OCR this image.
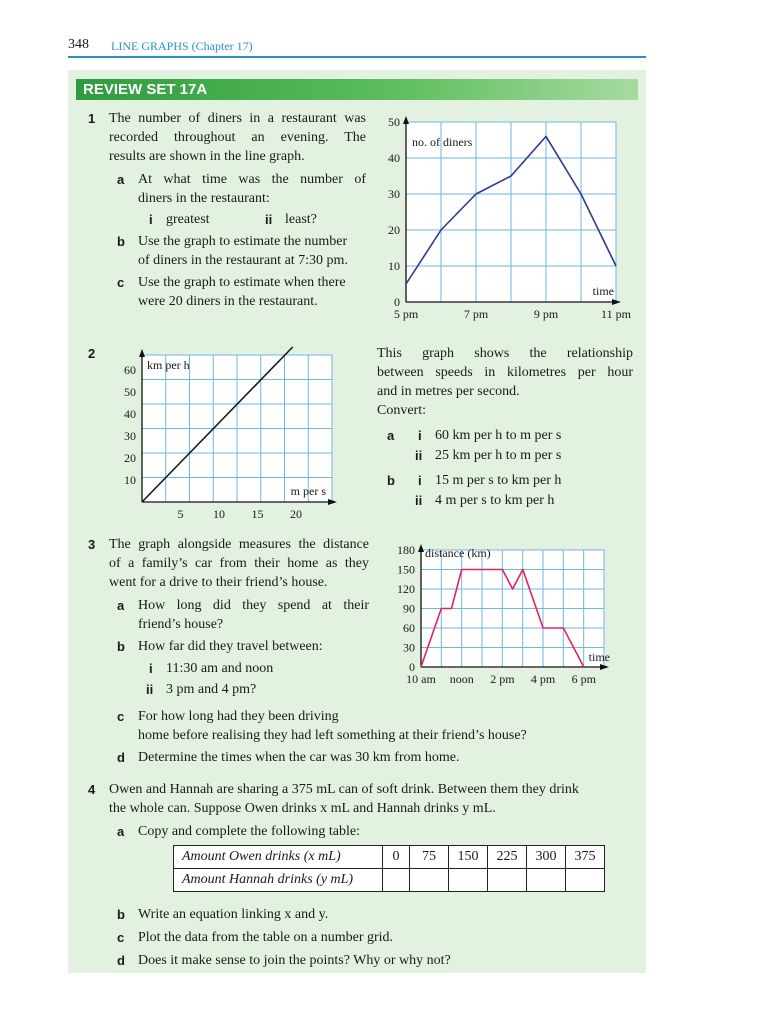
348 LINE GRAPHS (Chapter 17)
REVIEW SET 17A
1 The number of diners in a restaurant was
recorded throughout an evening. The
results are shown in the line graph.
a At what time was the number of
diners in the restaurant:
i greatest	ii least?
b Use the graph to estimate the number
of diners in the restaurant at 7:30 pm.
c Use the graph to estimate when there
were 20 diners in the restaurant.	0
10
20
30
40
50
5 pm	7 pm	9 pm	11 pm
no. of diners
time
2
10
20
30
40
50
60
5 10 15 20
km per h
m per s
This graph shows the relationship
between speeds in kilometres per hour
and in metres per second.
Convert:
a i 60 km per h to m per s
ii 25 km per h to m per s
b i 15 m per s to km per h
ii 4 m per s to km per h
3 The graph alongside measures the distance
of a family’s car from their home as they
went for a drive to their friend’s house.
a How long did they spend at their
friend’s house?
b How far did they travel between:
i 11:30 am and noon
ii 3 pm and 4 pm?
c For how long had they been driving
home before realising they had left something at their friend’s house?
d Determine the times when the car was 30 km from home.
0
30
60
90
120
150
180
10 am noon 2 pm 4 pm 6 pm
distance (km)
time
4 Owen and Hannah are sharing a 375 mL can of soft drink. Between them they drink
the whole can. Suppose Owen drinks x mL and Hannah drinks y mL.
a Copy and complete the following table:
Amount Owen drinks (x mL)	0	75	150	225	300	375
Amount Hannah drinks (y mL)						
b Write an equation linking x and y.
c Plot the data from the table on a number grid.
d Does it make sense to join the points? Why or why not?
